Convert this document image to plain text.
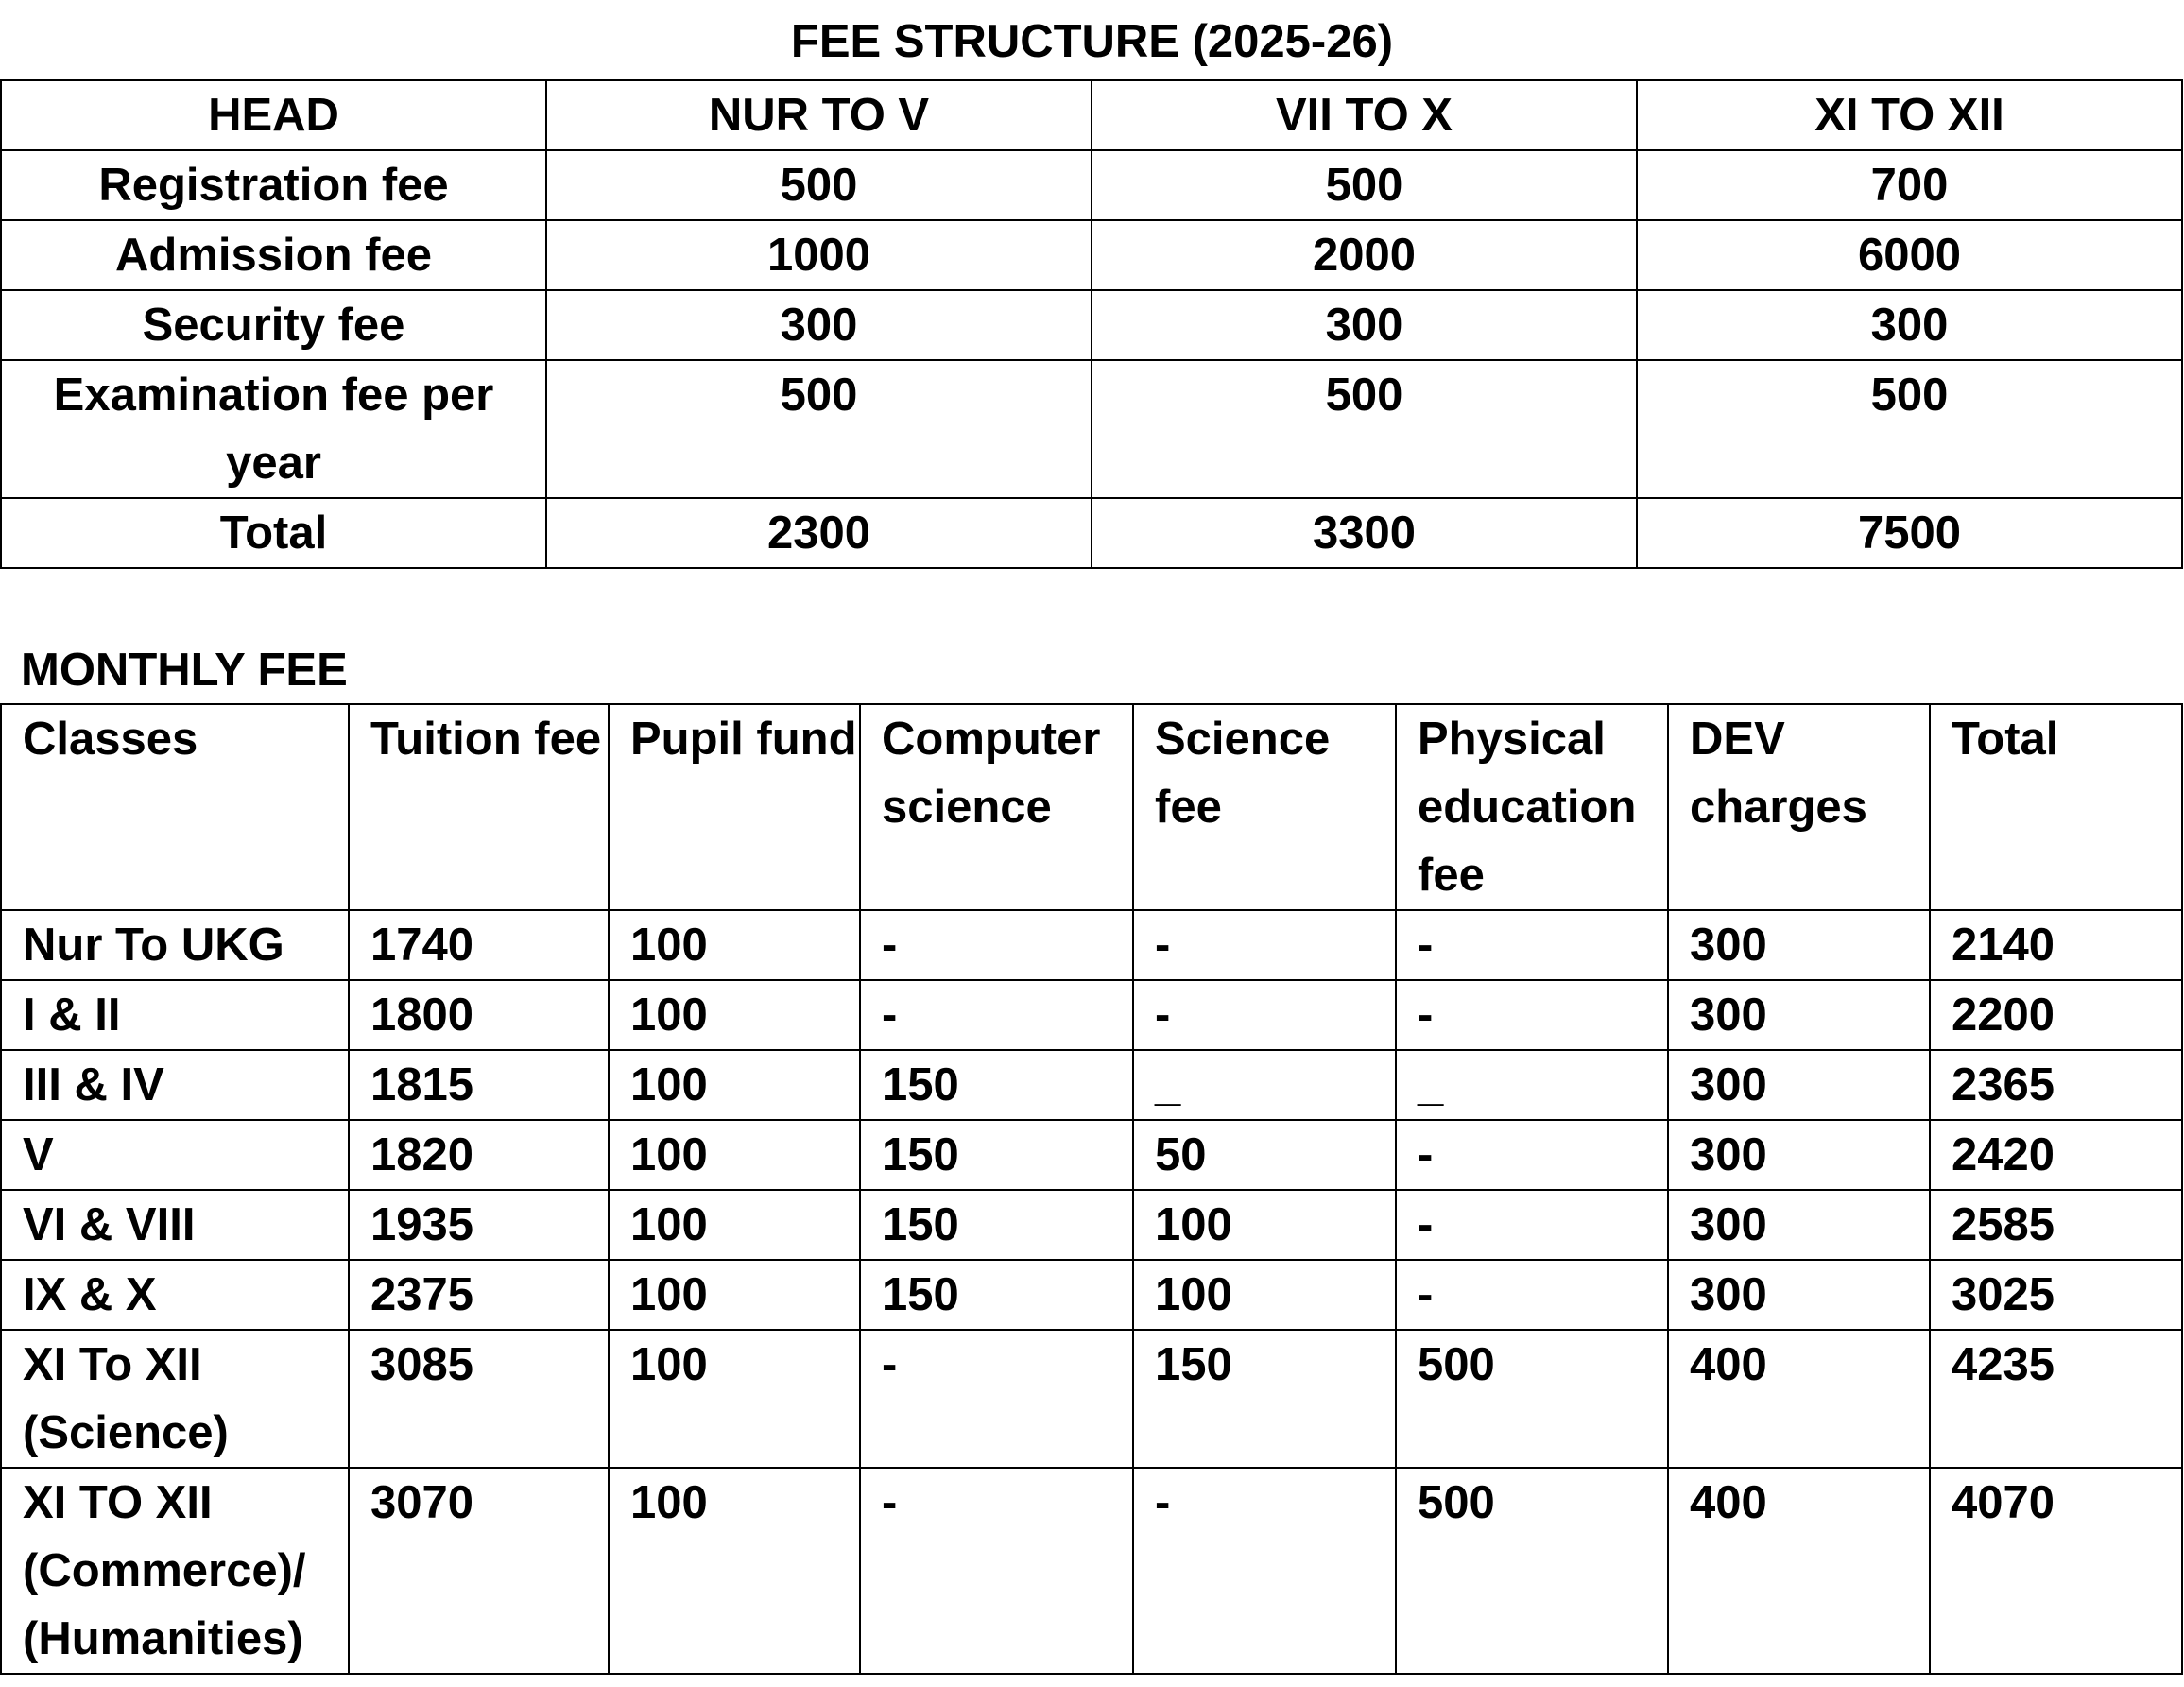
FEE STRUCTURE (2025-26)
HEAD	NUR TO V	VII TO X	XI TO XII
Registration fee	500	500	700
Admission fee	1000	2000	6000
Security fee	300	300	300
Examination fee per year	500	500	500
Total	2300	3300	7500
MONTHLY FEE
Classes	Tuition fee	Pupil fund	Computer science	Science fee	Physical education fee	DEV charges	Total
Nur To UKG	1740	100	-	-	-	300	2140
I & II	1800	100	-	-	-	300	2200
III & IV	1815	100	150	_	_	300	2365
V	1820	100	150	50	-	300	2420
VI & VIII	1935	100	150	100	-	300	2585
IX & X	2375	100	150	100	-	300	3025
XI To XII (Science)	3085	100	-	150	500	400	4235
XI TO XII (Commerce)/ (Humanities)	3070	100	-	-	500	400	4070
